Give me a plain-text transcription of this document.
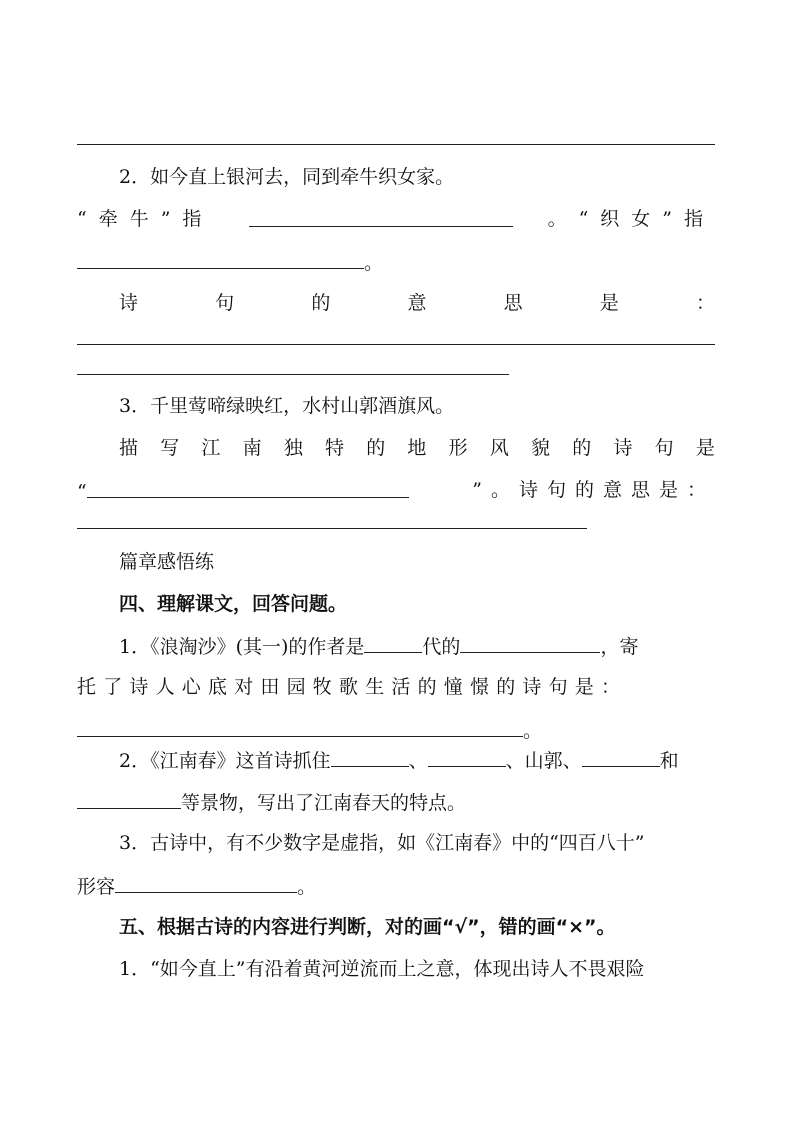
2．如今直上银河去，同到牵牛织女家。
“牵牛”指	。“织女”指
。
诗	句	的	意	思	是	：
3．千里莺啼绿映红，水村山郭酒旗风。
描 写 江 南 独 特 的 地 形 风 貌 的 诗 句 是
“	”。诗句的意思是：
篇章感悟练
四、理解课文，回答问题。
1．《浪淘沙》(其一)的作者是	代的	，寄
托了诗人心底对田园牧歌生活的憧憬的诗句是：
。
2．《江南春》这首诗抓住	、	、山郭、	和
等景物，写出了江南春天的特点。
3．古诗中，有不少数字是虚指，如《江南春》中的“四百八十”
形容	。
五、根据古诗的内容进行判断，对的画“√”，错的画“×”。
1．“如今直上”有沿着黄河逆流而上之意，体现出诗人不畏艰险
